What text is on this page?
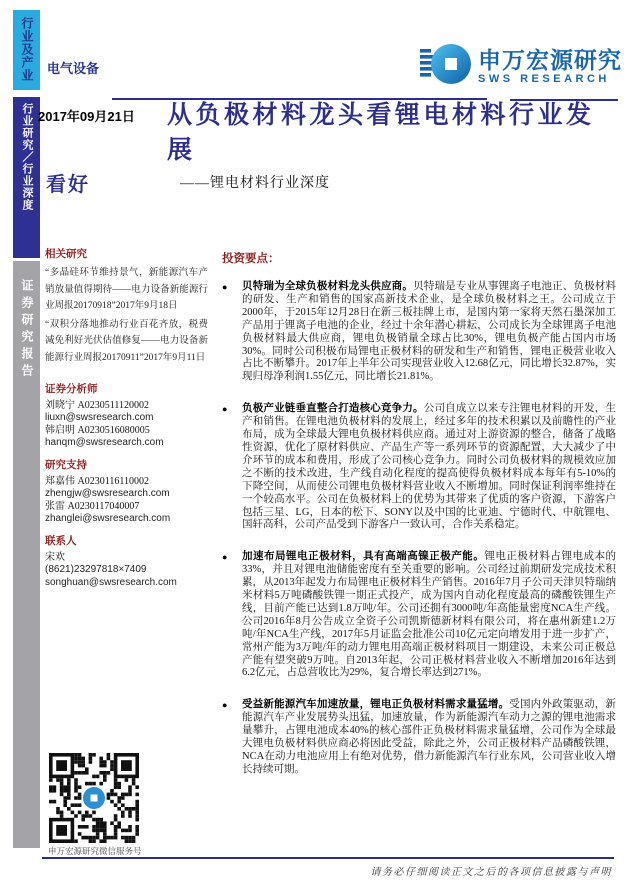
行业及产业
行业研究／行业深度
证券研究报告
电气设备	申万宏源研究
SWS RESEARCH
2017年09月21日 从负极材料龙头看锂电材料行业发展
——锂电材料行业深度
看好

相关研究

“多晶硅环节维持景气，新能源汽车产销放量值得期待——电力设备新能源行业周报20170918”2017年9月18日

“双积分落地推动行业百花齐放，税费减免利好光伏估值修复——电力设备新能源行业周报20170911”2017年9月11日

证券分析师

刘晓宁 A0230511120002

liuxn@swsresearch.com

韩启明 A0230516080005

hanqm@swsresearch.com

研究支持

郑嘉伟 A0230116110002

zhengjw@swsresearch.com

张雷 A0230117040007

zhanglei@swsresearch.com

联系人

宋欢

(8621)23297818×7409

songhuan@swsresearch.com

投资要点：

●	贝特瑞为全球负极材料龙头供应商。贝特瑞是专业从事锂离子电池正、负极材料的研发、生产和销售的国家高新技术企业，是全球负极材料之王。公司成立于2000年，于2015年12月28日在新三板挂牌上市，是国内第一家将天然石墨深加工产品用于锂离子电池的企业，经过十余年潜心耕耘，公司成长为全球锂离子电池负极材料最大供应商，锂电负极销量全球占比30%，锂电负极产能占国内市场30%。同时公司积极布局锂电正极材料的研发和生产和销售，锂电正极营业收入占比不断攀升。2017年上半年公司实现营业收入12.68亿元，同比增长32.87%，实现归母净利润1.55亿元，同比增长21.81%。
●	负极产业链垂直整合打造核心竞争力。公司自成立以来专注锂电材料的开发，生产和销售。在锂电池负极材料的发展上，经过多年的技术积累以及前瞻性的产业布局，成为全球最大锂电负极材料供应商。通过对上游资源的整合，储备了战略性资源，优化了原材料供应、产品生产等一系列环节的资源配置，大大减少了中介环节的成本和费用，形成了公司核心竞争力。同时公司负极材料的规模效应加之不断的技术改进，生产线自动化程度的提高使得负极材料成本每年有5-10%的下降空间，从而使公司锂电负极材料营业收入不断增加。同时保证利润率维持在一个较高水平。公司在负极材料上的优势为其带来了优质的客户资源，下游客户包括三星、LG，日本的松下、SONY以及中国的比亚迪、宁德时代、中航锂电、国轩高科，公司产品受到下游客户一致认可，合作关系稳定。
●	加速布局锂电正极材料，具有高端高镍正极产能。锂电正极材料占锂电成本的33%，并且对锂电池储能密度有至关重要的影响。公司经过前期研发完成技术积累，从2013年起发力布局锂电正极材料生产销售。2016年7月子公司天津贝特瑞纳米材料5万吨磷酸铁锂一期正式投产，成为国内自动化程度最高的磷酸铁锂生产线，目前产能已达到1.8万吨/年。公司还拥有3000吨/年高能量密度NCA生产线。公司2016年8月公告成立全资子公司凯斯德新材料有限公司，将在惠州新建1.2万吨/年NCA生产线，2017年5月证监会批准公司10亿元定向增发用于进一步扩产，常州产能为3万吨/年的动力锂电用高端正极材料项目一期建设，未来公司正极总产能有望突破9万吨。自2013年起，公司正极材料营业收入不断增加2016年达到6.2亿元，占总营收比为29%，复合增长率达到271%。
●	受益新能源汽车加速放量，锂电正负极材料需求量猛增。受国内外政策驱动，新能源汽车产业发展势头迅猛，加速放量，作为新能源汽车动力之源的锂电池需求量攀升，占锂电池成本40%的核心部件正负极材料需求量猛增，公司作为全球最大锂电负极材料供应商必将因此受益，除此之外，公司正极材料产品磷酸铁锂，NCA在动力电池应用上有绝对优势，借力新能源汽车行业东风，公司营业收入增长持续可期。
申万宏源研究微信服务号
请务必仔细阅读正文之后的各项信息披露与声明
